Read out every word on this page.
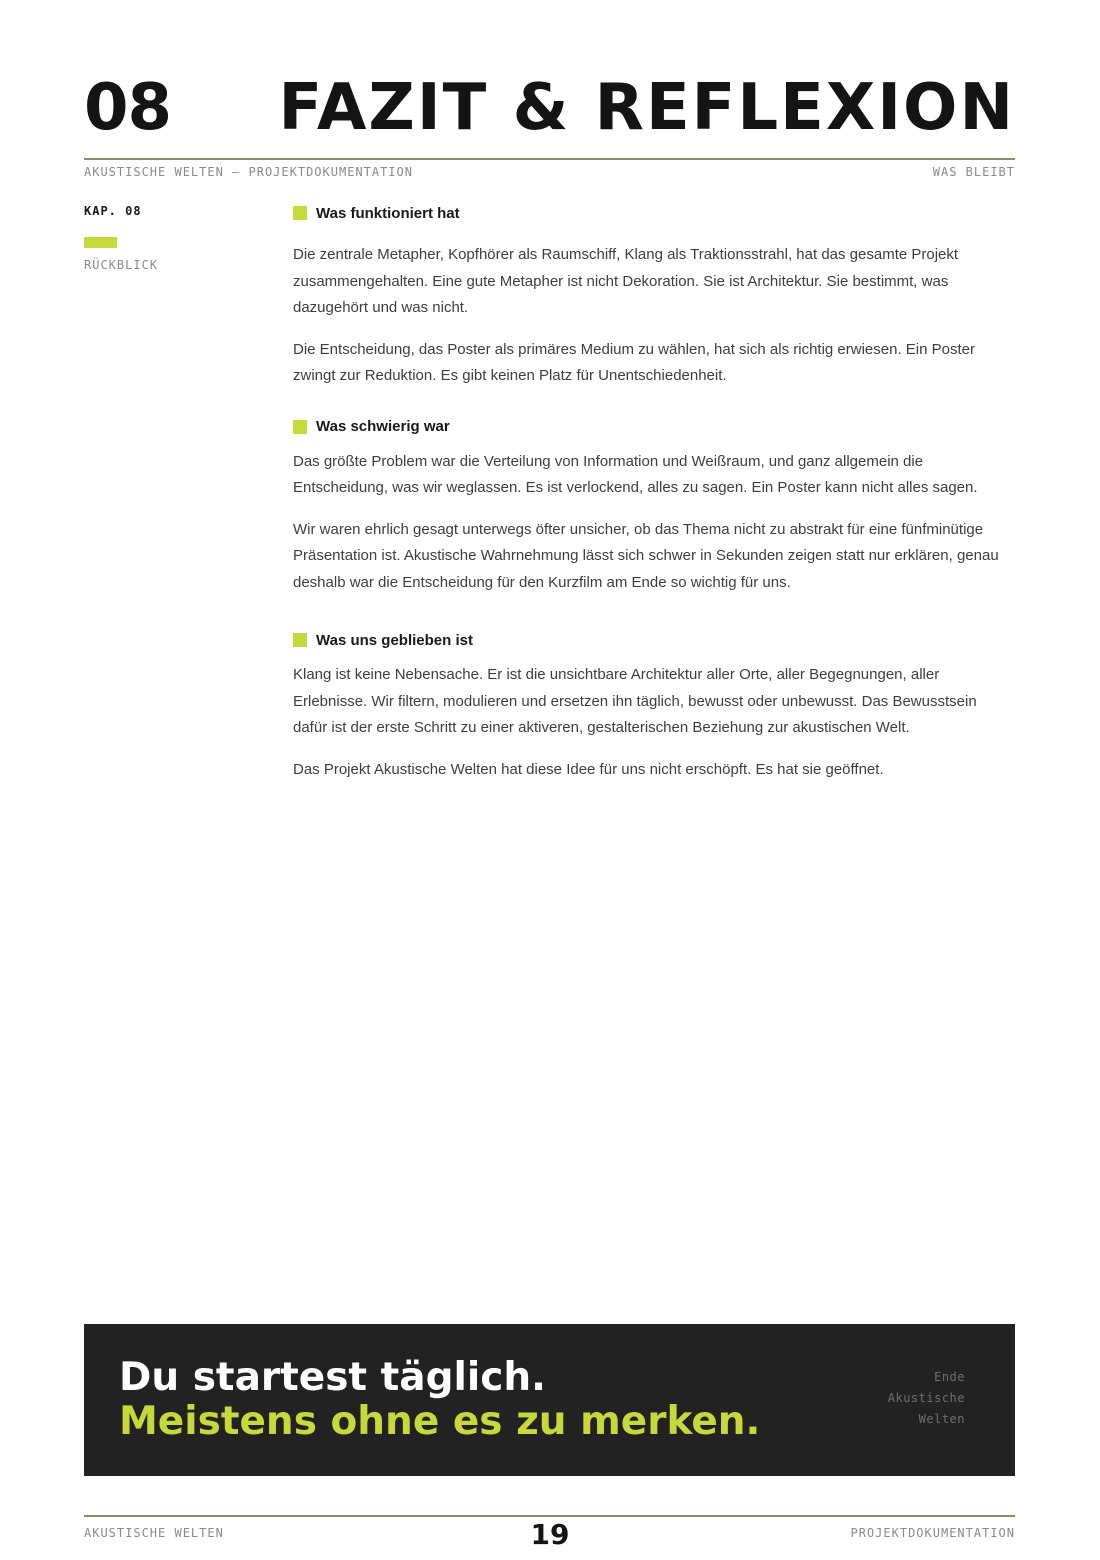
08 FAZIT & REFLEXION
AKUSTISCHE WELTEN — PROJEKTDOKUMENTATION	WAS BLEIBT
KAP. 08
RÜCKBLICK
Was funktioniert hat

Die zentrale Metapher, Kopfhörer als Raumschiff, Klang als Traktionsstrahl, hat das gesamte Projekt zusammengehalten. Eine gute Metapher ist nicht Dekoration. Sie ist Architektur. Sie bestimmt, was dazugehört und was nicht.

Die Entscheidung, das Poster als primäres Medium zu wählen, hat sich als richtig erwiesen. Ein Poster zwingt zur Reduktion. Es gibt keinen Platz für Unentschiedenheit.

Was schwierig war

Das größte Problem war die Verteilung von Information und Weißraum, und ganz allgemein die Entscheidung, was wir weglassen. Es ist verlockend, alles zu sagen. Ein Poster kann nicht alles sagen.

Wir waren ehrlich gesagt unterwegs öfter unsicher, ob das Thema nicht zu abstrakt für eine fünfminütige Präsentation ist. Akustische Wahrnehmung lässt sich schwer in Sekunden zeigen statt nur erklären, genau deshalb war die Entscheidung für den Kurzfilm am Ende so wichtig für uns.

Was uns geblieben ist

Klang ist keine Nebensache. Er ist die unsichtbare Architektur aller Orte, aller Begegnungen, aller Erlebnisse. Wir filtern, modulieren und ersetzen ihn täglich, bewusst oder unbewusst. Das Bewusstsein dafür ist der erste Schritt zu einer aktiveren, gestalterischen Beziehung zur akustischen Welt.

Das Projekt Akustische Welten hat diese Idee für uns nicht erschöpft. Es hat sie geöffnet.

Du startest täglich.
Meistens ohne es zu merken.
Ende
Akustische
Welten
AKUSTISCHE WELTEN	19	PROJEKTDOKUMENTATION
